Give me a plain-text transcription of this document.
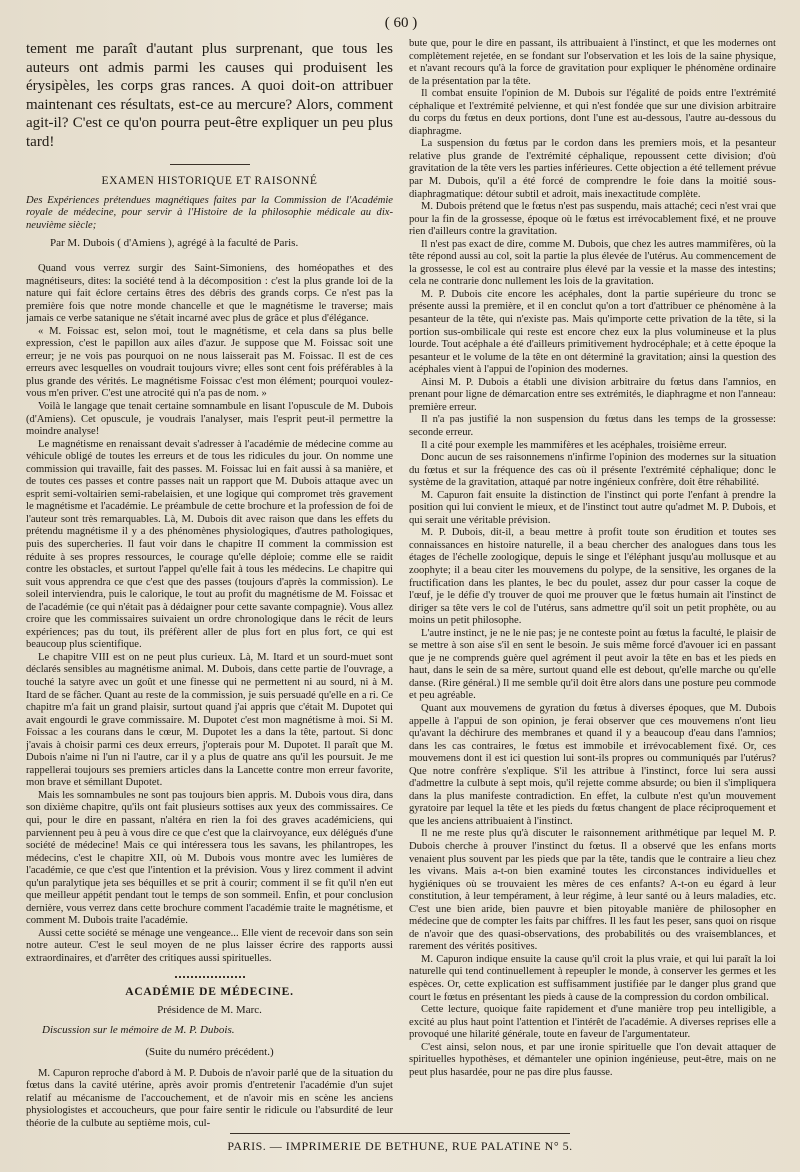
( 60 )

tement me paraît d'autant plus surprenant, que tous les auteurs ont admis parmi les causes qui produisent les érysipèles, les corps gras rances. A quoi doit-on attribuer maintenant ces résultats, est-ce au mercure? Alors, comment agit-il? C'est ce qu'on pourra peut-être expliquer un peu plus tard!

EXAMEN HISTORIQUE ET RAISONNÉ

Des Expériences prétendues magnétiques faites par la Commission de l'Académie royale de médecine, pour servir à l'Histoire de la philosophie médicale au dix-neuvième siècle;

Par M. Dubois ( d'Amiens ), agrégé à la faculté de Paris.

Quand vous verrez surgir des Saint-Simoniens, des homéopathes et des magnétiseurs, dites: la société tend à la décomposition : c'est la plus grande loi de la nature qui fait éclore certains êtres des débris des grands corps. Ce n'est pas la première fois que notre monde chancelle et que le magnétisme le traverse; mais jamais ce verbe satanique ne s'était incarné avec plus de grâce et plus d'élégance.

« M. Foissac est, selon moi, tout le magnétisme, et cela dans sa plus belle expression, c'est le papillon aux ailes d'azur. Je suppose que M. Foissac soit une erreur; je ne vois pas pourquoi on ne nous laisserait pas M. Foissac. Il est de ces erreurs avec lesquelles on voudrait toujours vivre; elles sont cent fois préférables à la plus grande des vérités. Le magnétisme Foissac c'est mon élément; pourquoi voulez-vous m'en priver. C'est une atrocité qui n'a pas de nom. »

Voilà le langage que tenait certaine somnambule en lisant l'opuscule de M. Dubois (d'Amiens). Cet opuscule, je voudrais l'analyser, mais l'esprit peut-il permettre la moindre analyse!

Le magnétisme en renaissant devait s'adresser à l'académie de médecine comme au véhicule obligé de toutes les erreurs et de tous les ridicules du jour. On nomme une commission qui travaille, fait des passes. M. Foissac lui en fait aussi à sa manière, et de toutes ces passes et contre passes nait un rapport que M. Dubois attaque avec un esprit semi-voltairien semi-rabelaisien, et une logique qui compromet très gravement le magnétisme et l'académie. Le préambule de cette brochure et la profession de foi de l'auteur sont très remarquables. Là, M. Dubois dit avec raison que dans les effets du prétendu magnétisme il y a des phénomènes physiologiques, d'autres pathologiques, puis des supercheries. Il faut voir dans le chapitre II comment la commission est réduite à ses propres ressources, le courage qu'elle déploie; comme elle se raidit contre les obstacles, et surtout l'appel qu'elle fait à tous les médecins. Le chapitre qui suit vous apprendra ce que c'est que des passes (toujours d'après la commission). Le soleil interviendra, puis le calorique, le tout au profit du magnétisme de M. Foissac et de l'académie (ce qui n'était pas à dédaigner pour cette savante compagnie). Vous allez croire que les commissaires suivaient un ordre chronologique dans le récit de leurs expériences; pas du tout, ils préfèrent aller de plus fort en plus fort, ce qui est beaucoup plus scientifique.

Le chapitre VIII est on ne peut plus curieux. Là, M. Itard et un sourd-muet sont déclarés sensibles au magnétisme animal. M. Dubois, dans cette partie de l'ouvrage, a touché la satyre avec un goût et une finesse qui ne permettent ni au sourd, ni à M. Itard de se fâcher. Quant au reste de la commission, je suis persuadé qu'elle en a ri. Ce chapitre m'a fait un grand plaisir, surtout quand j'ai appris que c'était M. Dupotet qui avait engourdi le grave commissaire. M. Dupotet c'est mon magnétisme à moi. Si M. Foissac a les courans dans le cœur, M. Dupotet les a dans la tête, partout. Si donc j'avais à choisir parmi ces deux erreurs, j'opterais pour M. Dupotet. Il paraît que M. Dubois n'aime ni l'un ni l'autre, car il y a plus de quatre ans qu'il les poursuit. Je me rappellerai toujours ses premiers articles dans la Lancette contre mon erreur favorite, mon brave et sémillant Dupotet.

Mais les somnambules ne sont pas toujours bien appris. M. Dubois vous dira, dans son dixième chapitre, qu'ils ont fait plusieurs sottises aux yeux des commissaires. Ce qui, pour le dire en passant, n'altéra en rien la foi des graves académiciens, qui parviennent peu à peu à vous dire ce que c'est que la clairvoyance, eux délégués d'une société de médecine! Mais ce qui intéressera tous les savans, les philantropes, les médecins, c'est le chapitre XII, où M. Dubois vous montre avec les lumières de l'académie, ce que c'est que l'intention et la prévision. Vous y lirez comment il advint qu'un paralytique jeta ses béquilles et se prit à courir; comment il se fit qu'il n'en eut que meilleur appétit pendant tout le temps de son sommeil. Enfin, et pour conclusion dernière, vous verrez dans cette brochure comment l'académie traite le magnétisme, et comment M. Dubois traite l'académie.

Aussi cette société se ménage une vengeance... Elle vient de recevoir dans son sein notre auteur. C'est le seul moyen de ne plus laisser écrire des rapports aussi extraordinaires, et d'arrêter des critiques aussi spirituelles.

ACADÉMIE DE MÉDECINE.
Présidence de M. Marc.
Discussion sur le mémoire de M. P. Dubois.
(Suite du numéro précédent.)

M. Capuron reproche d'abord à M. P. Dubois de n'avoir parlé que de la situation du fœtus dans la cavité utérine, après avoir promis d'entretenir l'académie d'un sujet relatif au mécanisme de l'accouchement, et de n'avoir mis en scène les anciens physiologistes et accoucheurs, que pour faire sentir le ridicule ou l'absurdité de leur théorie de la culbute au septième mois, cul-

bute que, pour le dire en passant, ils attribuaient à l'instinct, et que les modernes ont complètement rejetée, en se fondant sur l'observation et les lois de la saine physique, et n'avant recours qu'à la force de gravitation pour expliquer le phénomène ordinaire de la présentation par la tête.

Il combat ensuite l'opinion de M. Dubois sur l'égalité de poids entre l'extrémité céphalique et l'extrémité pelvienne, et qui n'est fondée que sur une division arbitraire du corps du fœtus en deux portions, dont l'une est au-dessous, l'autre au-dessous du diaphragme.

La suspension du fœtus par le cordon dans les premiers mois, et la pesanteur relative plus grande de l'extrémité céphalique, repoussent cette division; d'où gravitation de la tête vers les parties inférieures. Cette objection a été tellement prévue par M. Dubois, qu'il a été forcé de comprendre le foie dans la moitié sous-diaphragmatique: détour subtil et adroit, mais inexactitude complète.

M. Dubois prétend que le fœtus n'est pas suspendu, mais attaché; ceci n'est vrai que pour la fin de la grossesse, époque où le fœtus est irrévocablement fixé, et ne prouve rien d'ailleurs contre la gravitation.

Il n'est pas exact de dire, comme M. Dubois, que chez les autres mammifères, où la tête répond aussi au col, soit la partie la plus élevée de l'utérus. Au commencement de la grossesse, le col est au contraire plus élevé par la vessie et la masse des intestins; cela ne contrarie donc nullement les lois de la gravitation.

M. P. Dubois cite encore les acéphales, dont la partie supérieure du tronc se présente aussi la première, et il en conclut qu'on a tort d'attribuer ce phénomène à la pesanteur de la tête, qui n'existe pas. Mais qu'importe cette privation de la tête, si la portion sus-ombilicale qui reste est encore chez eux la plus volumineuse et la plus lourde. Tout acéphale a été d'ailleurs primitivement hydrocéphale; et à cette époque la pesanteur et le volume de la tête en ont déterminé la gravitation; ainsi la question des acéphales vient à l'appui de l'opinion des modernes.

Ainsi M. P. Dubois a établi une division arbitraire du fœtus dans l'amnios, en prenant pour ligne de démarcation entre ses extrémités, le diaphragme et non l'anneau: première erreur.

Il n'a pas justifié la non suspension du fœtus dans les temps de la grossesse: seconde erreur.

Il a cité pour exemple les mammifères et les acéphales, troisième erreur.

Donc aucun de ses raisonnemens n'infirme l'opinion des modernes sur la situation du fœtus et sur la fréquence des cas où il présente l'extrémité céphalique; donc le système de la gravitation, attaqué par notre ingénieux confrère, doit être réhabilité.

M. Capuron fait ensuite la distinction de l'instinct qui porte l'enfant à prendre la position qui lui convient le mieux, et de l'instinct tout autre qu'admet M. P. Dubois, et qui serait une véritable prévision.

M. P. Dubois, dit-il, a beau mettre à profit toute son érudition et toutes ses connaissances en histoire naturelle, il a beau chercher des analogues dans tous les étages de l'échelle zoologique, depuis le singe et l'éléphant jusqu'au mollusque et au zoophyte; il a beau citer les mouvemens du polype, de la sensitive, les organes de la fructification dans les plantes, le bec du poulet, assez dur pour casser la coque de l'œuf, je le défie d'y trouver de quoi me prouver que le fœtus humain ait l'instinct de diriger sa tête vers le col de l'utérus, sans admettre qu'il soit un petit prophète, ou au moins un petit philosophe.

L'autre instinct, je ne le nie pas; je ne conteste point au fœtus la faculté, le plaisir de se mettre à son aise s'il en sent le besoin. Je suis même forcé d'avouer ici en passant que je ne comprends guère quel agrément il peut avoir la tête en bas et les pieds en haut, dans le sein de sa mère, surtout quand elle est debout, qu'elle marche ou qu'elle danse. (Rire général.) Il me semble qu'il doit être alors dans une posture peu commode et peu agréable.

Quant aux mouvemens de gyration du fœtus à diverses époques, que M. Dubois appelle à l'appui de son opinion, je ferai observer que ces mouvemens n'ont lieu qu'avant la déchirure des membranes et quand il y a beaucoup d'eau dans l'amnios; dans les cas contraires, le fœtus est immobile et irrévocablement fixé. Or, ces mouvemens dont il est ici question lui sont-ils propres ou communiqués par l'utérus? Que notre confrère s'explique. S'il les attribue à l'instinct, force lui sera aussi d'admettre la culbute à sept mois, qu'il rejette comme absurde; ou bien il s'impliquera dans la plus manifeste contradiction. En effet, la culbute n'est qu'un mouvement gyratoire par lequel la tête et les pieds du fœtus changent de place réciproquement et que les anciens attribuaient à l'instinct.

Il ne me reste plus qu'à discuter le raisonnement arithmétique par lequel M. P. Dubois cherche à prouver l'instinct du fœtus. Il a observé que les enfans morts venaient plus souvent par les pieds que par la tête, tandis que le contraire a lieu chez les vivans. Mais a-t-on bien examiné toutes les circonstances individuelles et hygiéniques où se trouvaient les mères de ces enfants? A-t-on eu égard à leur constitution, à leur tempérament, à leur régime, à leur santé ou à leurs maladies, etc. C'est une bien aride, bien pauvre et bien pitoyable manière de philosopher en médecine que de compter les faits par chiffres. Il les faut les peser, sans quoi on risque de n'avoir que des quasi-observations, des probabilités ou des vraisemblances, et rarement des vérités positives.

M. Capuron indique ensuite la cause qu'il croit la plus vraie, et qui lui paraît la loi naturelle qui tend continuellement à repeupler le monde, à conserver les germes et les espèces. Or, cette explication est suffisamment justifiée par le danger plus grand que court le fœtus en présentant les pieds à cause de la compression du cordon ombilical.

Cette lecture, quoique faite rapidement et d'une manière trop peu intelligible, a excité au plus haut point l'attention et l'intérêt de l'académie. A diverses reprises elle a provoqué une hilarité générale, toute en faveur de l'argumentateur.

C'est ainsi, selon nous, et par une ironie spirituelle que l'on devait attaquer de spirituelles hypothèses, et démanteler une opinion ingénieuse, peut-être, mais on ne peut plus hasardée, pour ne pas dire plus fausse.

PARIS. — IMPRIMERIE DE BETHUNE, RUE PALATINE N° 5.
